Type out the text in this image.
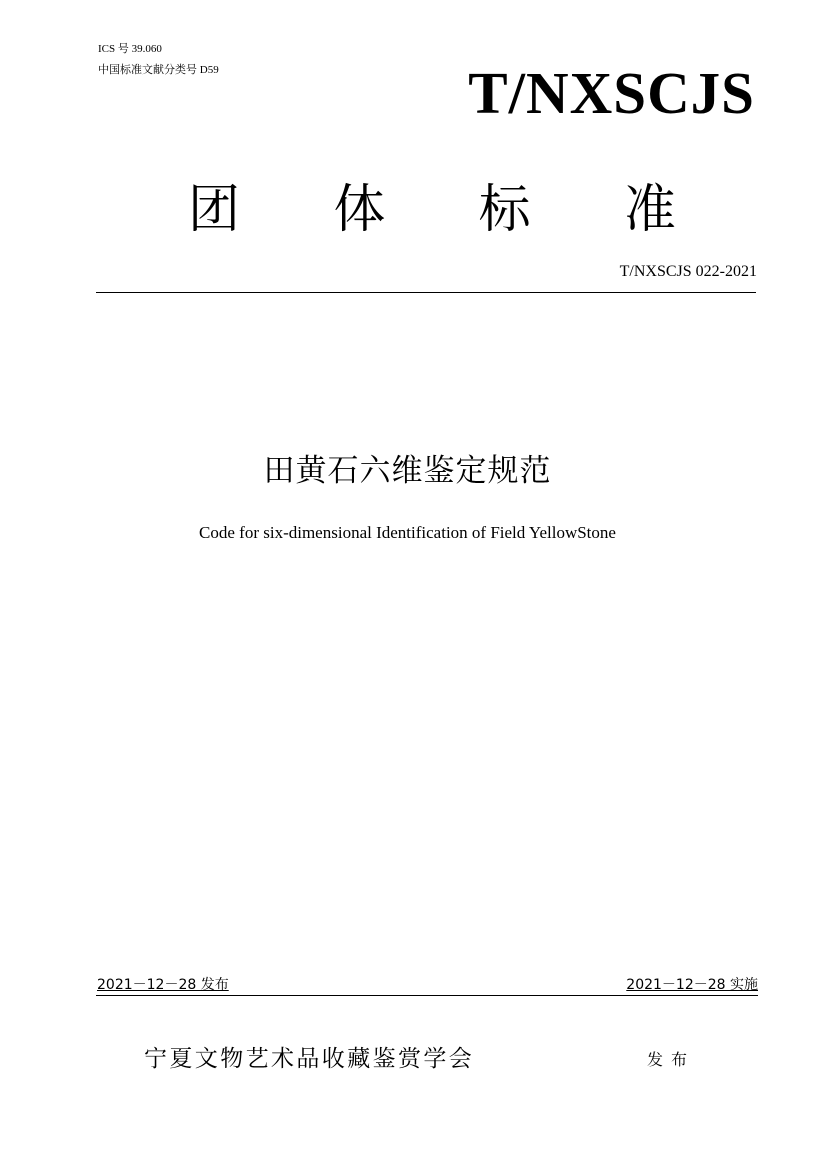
ICS 号 39.060
中国标准文献分类号 D59	T/NXSCJS
团 体 标 准
T/NXSCJS 022-2021
田黄石六维鉴定规范
Code for six-dimensional Identification of Field YellowStone
2021－12－28 发布	2021－12－28 实施
宁夏文物艺术品收藏鉴赏学会	发布
